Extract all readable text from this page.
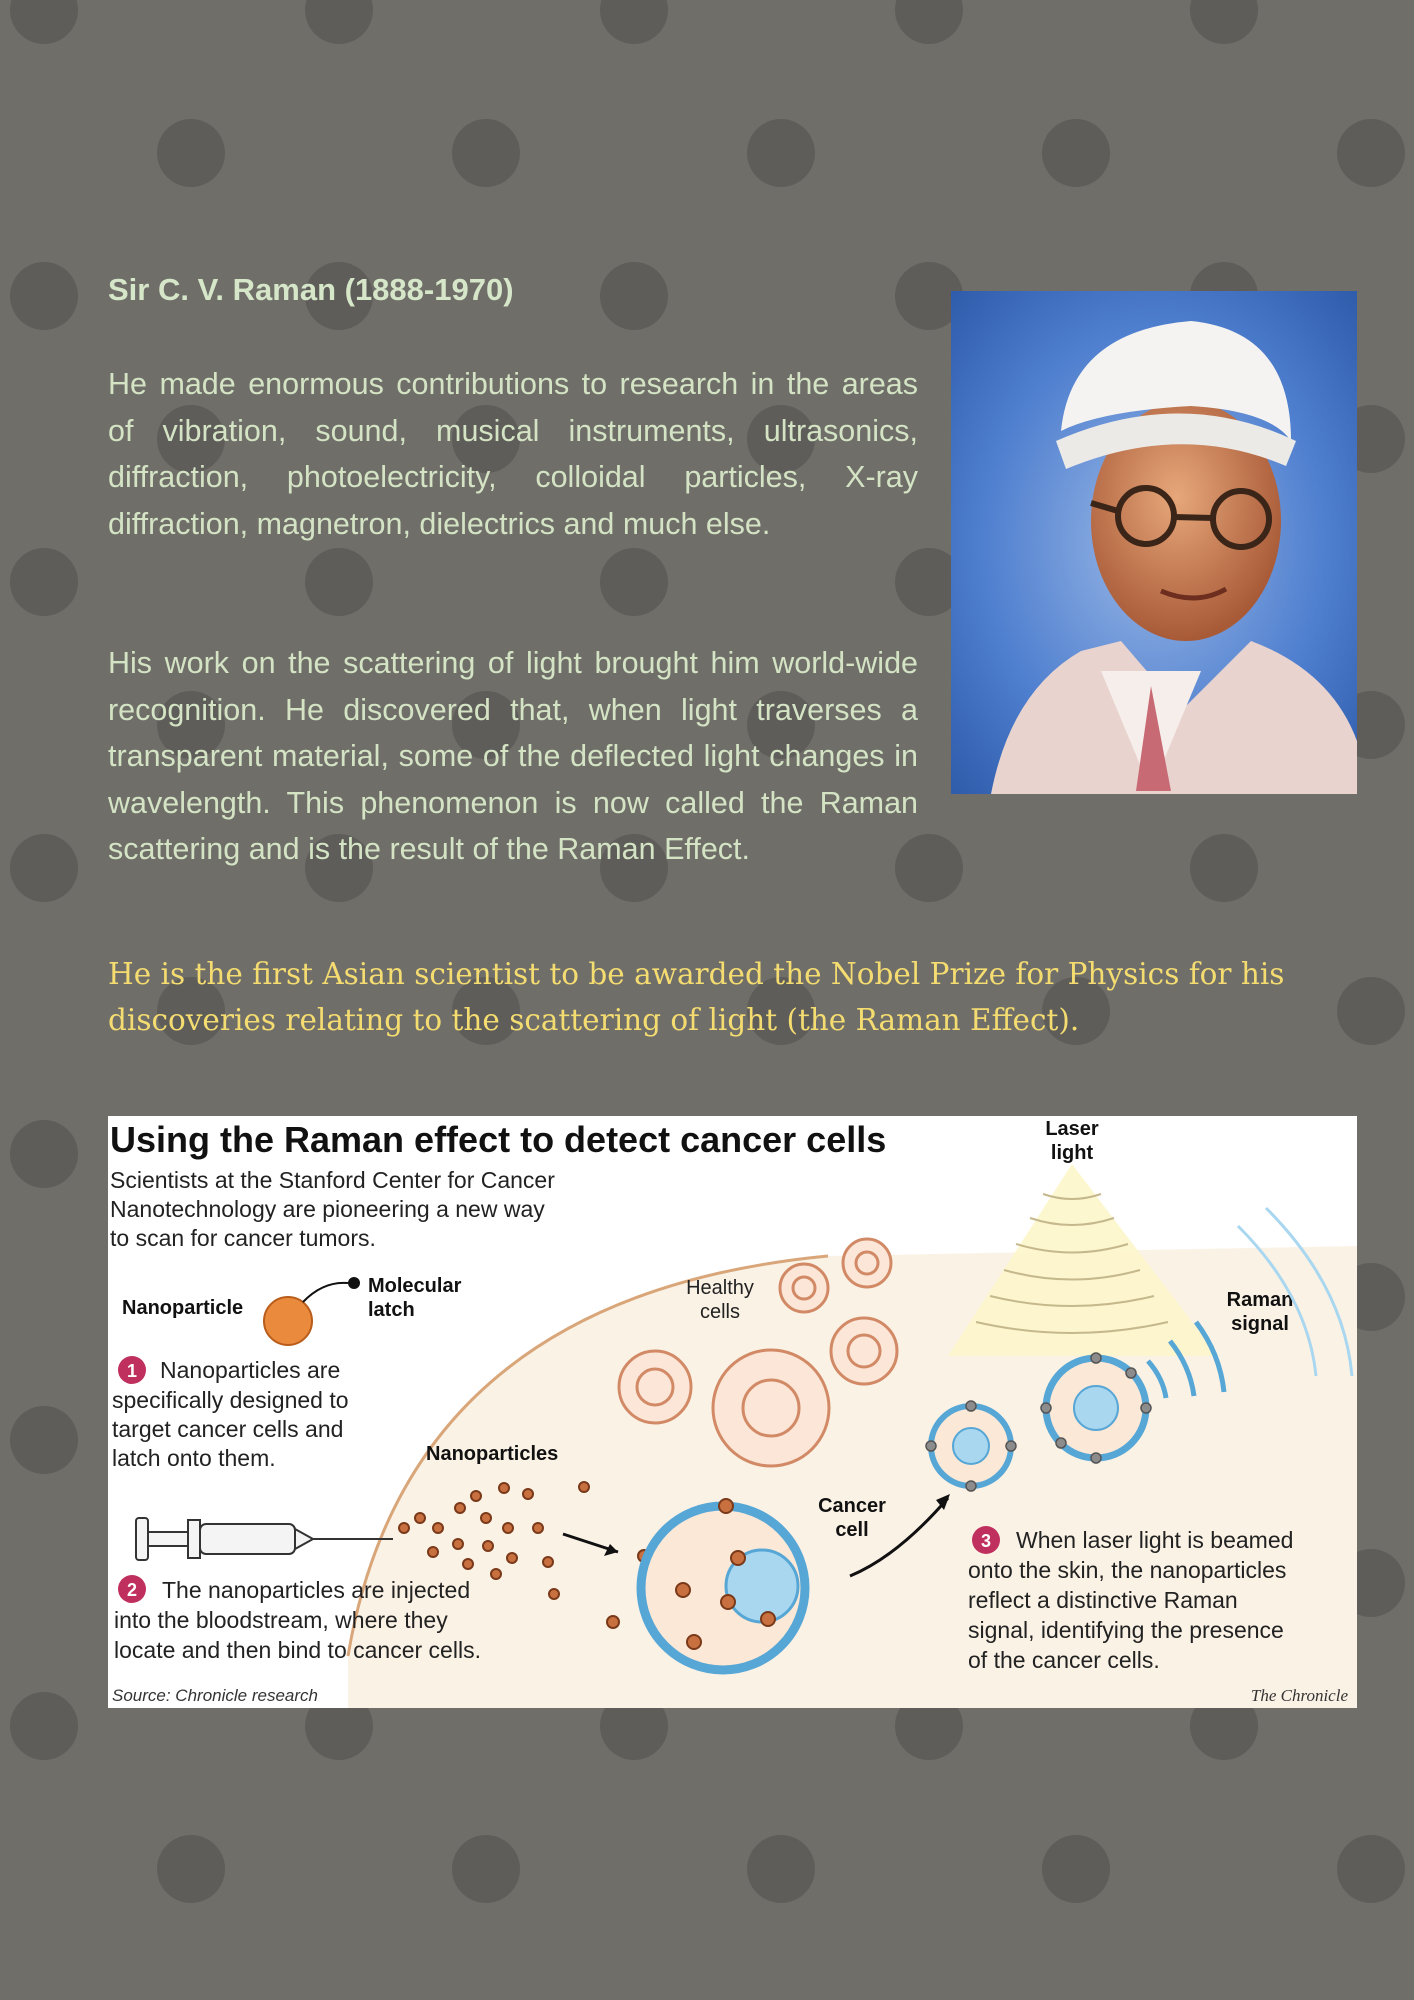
Sir C. V. Raman (1888-1970)

He made enormous contributions to research in the areas of vibration, sound, musical instruments, ultrasonics, diffraction, photoelectricity, colloidal particles, X-ray diffraction, magnetron, dielectrics and much else.

His work on the scattering of light brought him world-wide recognition. He discovered that, when light traverses a transparent material, some of the deflected light changes in wavelength. This phenomenon is now called the Raman scattering and is the result of the Raman Effect.

He is the first Asian scientist to be awarded the Nobel Prize for Physics for his discoveries relating to the scattering of light (the Raman Effect).
Using the Raman effect to detect cancer cells
Scientists at the Stanford Center for Cancer
Nanotechnology are pioneering a new way
to scan for cancer tumors.
Nanoparticle
Molecular
latch
1 Nanoparticles are
specifically designed to
target cancer cells and
latch onto them.	Nanoparticles
Healthy
cells
Cancer
cell
Laser
light
Raman
signal
2 The nanoparticles are injected
into the bloodstream, where they
locate and then bind to cancer cells.
3 When laser light is beamed
onto the skin, the nanoparticles
reflect a distinctive Raman
signal, identifying the presence
of the cancer cells.
Source: Chronicle research	The Chronicle
